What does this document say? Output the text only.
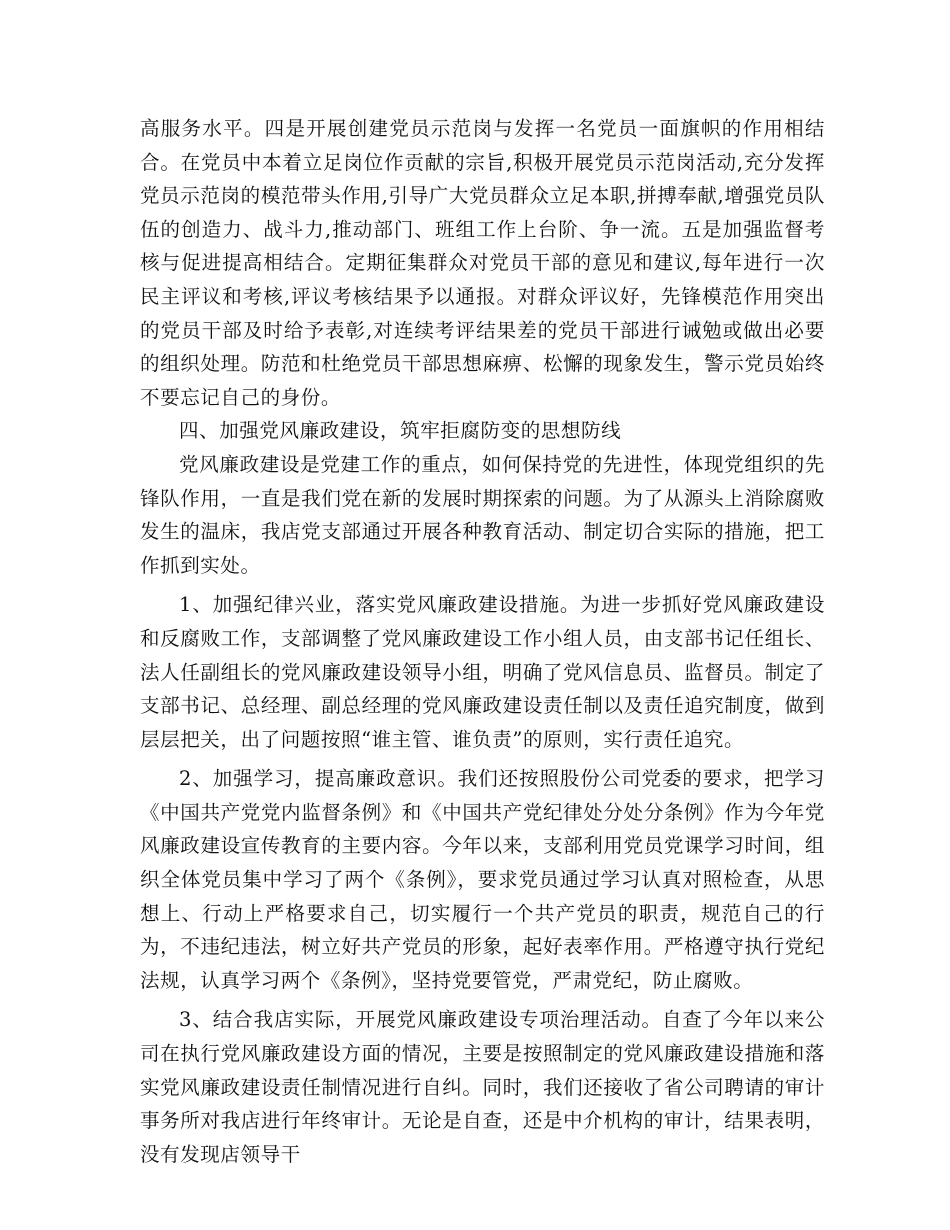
高服务水平。四是开展创建党员示范岗与发挥一名党员一面旗帜的作用相结合。在党员中本着立足岗位作贡献的宗旨,积极开展党员示范岗活动,充分发挥党员示范岗的模范带头作用,引导广大党员群众立足本职,拼搏奉献,增强党员队伍的创造力、战斗力,推动部门、班组工作上台阶、争一流。五是加强监督考核与促进提高相结合。定期征集群众对党员干部的意见和建议,每年进行一次民主评议和考核,评议考核结果予以通报。对群众评议好，先锋模范作用突出的党员干部及时给予表彰,对连续考评结果差的党员干部进行诫勉或做出必要的组织处理。防范和杜绝党员干部思想麻痹、松懈的现象发生，警示党员始终不要忘记自己的身份。

四、加强党风廉政建设，筑牢拒腐防变的思想防线

党风廉政建设是党建工作的重点，如何保持党的先进性，体现党组织的先锋队作用，一直是我们党在新的发展时期探索的问题。为了从源头上消除腐败发生的温床，我店党支部通过开展各种教育活动、制定切合实际的措施，把工作抓到实处。

1、加强纪律兴业，落实党风廉政建设措施。为进一步抓好党风廉政建设和反腐败工作，支部调整了党风廉政建设工作小组人员，由支部书记任组长、法人任副组长的党风廉政建设领导小组，明确了党风信息员、监督员。制定了支部书记、总经理、副总经理的党风廉政建设责任制以及责任追究制度，做到层层把关，出了问题按照“谁主管、谁负责”的原则，实行责任追究。

2、加强学习，提高廉政意识。我们还按照股份公司党委的要求，把学习《中国共产党党内监督条例》和《中国共产党纪律处分处分条例》作为今年党风廉政建设宣传教育的主要内容。今年以来，支部利用党员党课学习时间，组织全体党员集中学习了两个《条例》，要求党员通过学习认真对照检查，从思想上、行动上严格要求自己，切实履行一个共产党员的职责，规范自己的行为，不违纪违法，树立好共产党员的形象，起好表率作用。严格遵守执行党纪法规，认真学习两个《条例》，坚持党要管党，严肃党纪，防止腐败。

3、结合我店实际，开展党风廉政建设专项治理活动。自查了今年以来公司在执行党风廉政建设方面的情况，主要是按照制定的党风廉政建设措施和落实党风廉政建设责任制情况进行自纠。同时，我们还接收了省公司聘请的审计事务所对我店进行年终审计。无论是自查，还是中介机构的审计，结果表明，没有发现店领导干
